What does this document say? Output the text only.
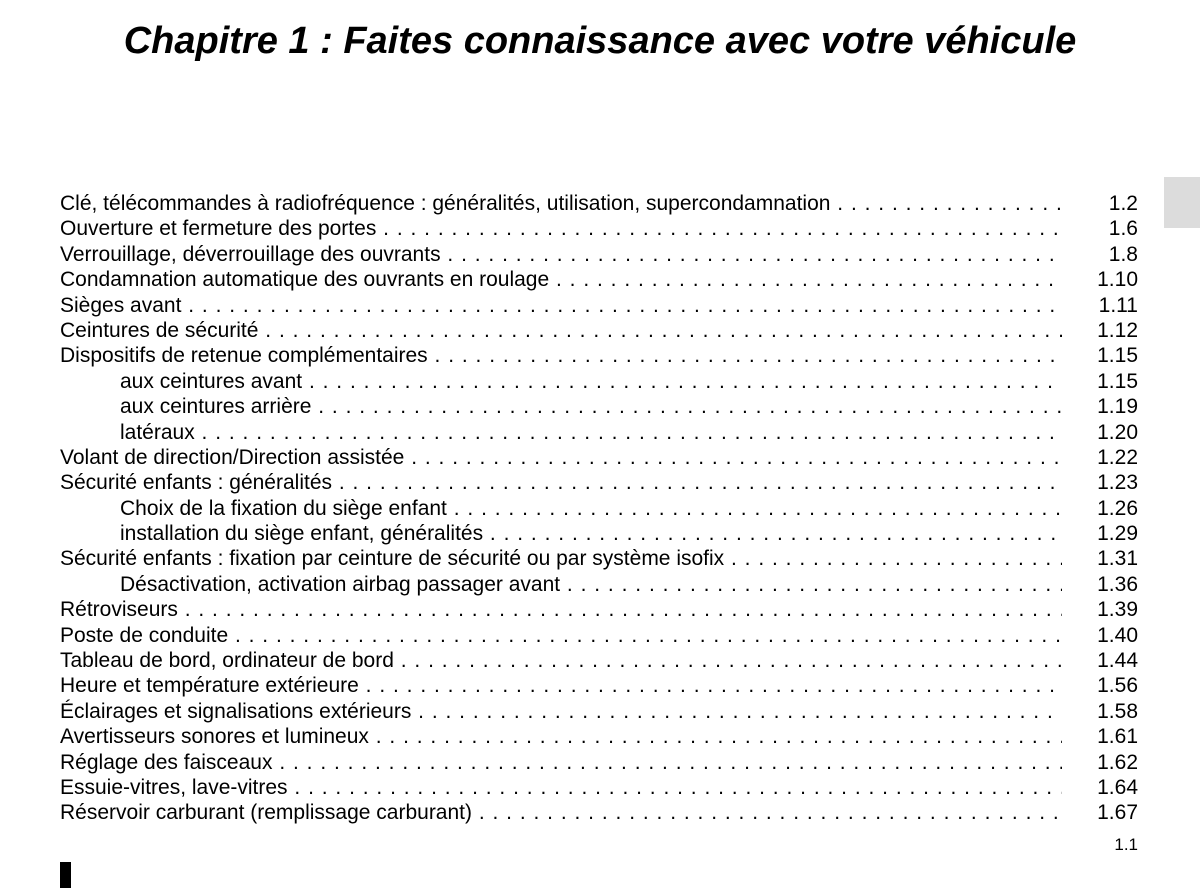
Chapitre 1 : Faites connaissance avec votre véhicule
Clé, télécommandes à radiofréquence : généralités, utilisation, supercondamnation . . .	1.2
Ouverture et fermeture des portes . . .	1.6
Verrouillage, déverrouillage des ouvrants . . .	1.8
Condamnation automatique des ouvrants en roulage . . .	1.10
Sièges avant . . .	1.11
Ceintures de sécurité . . .	1.12
Dispositifs de retenue complémentaires . . .	1.15
aux ceintures avant . . .	1.15
aux ceintures arrière . . .	1.19
latéraux . . .	1.20
Volant de direction/Direction assistée . . .	1.22
Sécurité enfants : généralités . . .	1.23
Choix de la fixation du siège enfant . . .	1.26
installation du siège enfant, généralités . . .	1.29
Sécurité enfants : fixation par ceinture de sécurité ou par système isofix . . .	1.31
Désactivation, activation airbag passager avant . . .	1.36
Rétroviseurs . . .	1.39
Poste de conduite . . .	1.40
Tableau de bord, ordinateur de bord . . .	1.44
Heure et température extérieure . . .	1.56
Éclairages et signalisations extérieurs . . .	1.58
Avertisseurs sonores et lumineux . . .	1.61
Réglage des faisceaux . . .	1.62
Essuie-vitres, lave-vitres . . .	1.64
Réservoir carburant (remplissage carburant) . . .	1.67

1.1
